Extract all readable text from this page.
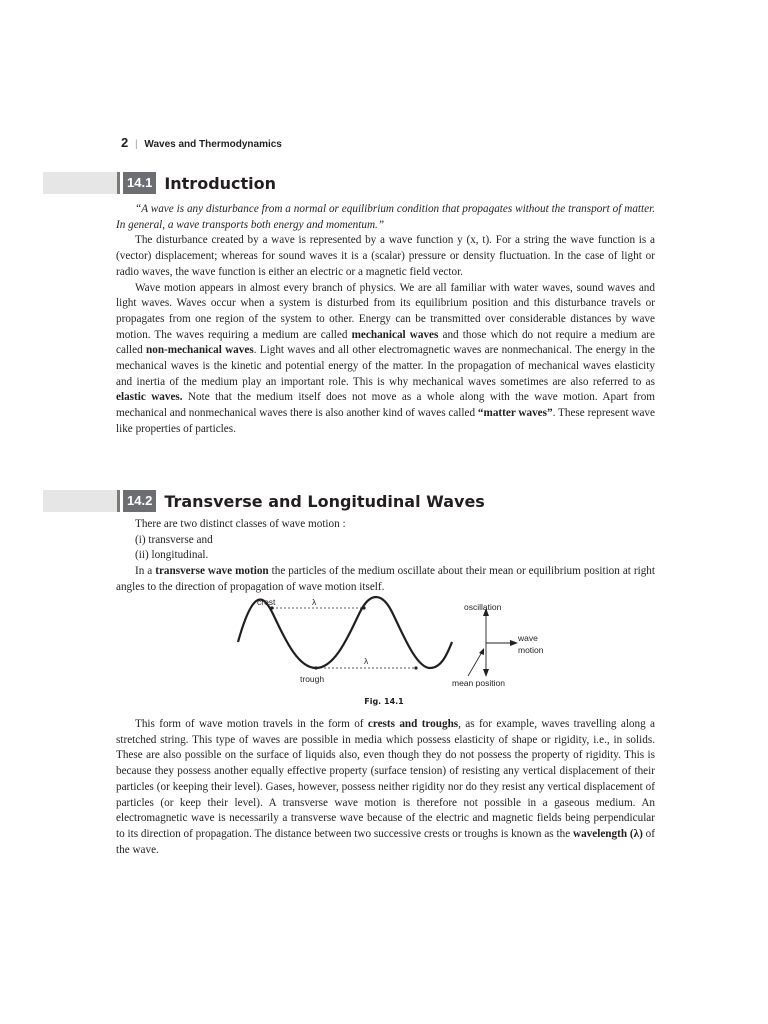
2 | Waves and Thermodynamics
14.1 Introduction

“A wave is any disturbance from a normal or equilibrium condition that propagates without the transport of matter. In general, a wave transports both energy and momentum.”

The disturbance created by a wave is represented by a wave function y (x, t). For a string the wave function is a (vector) displacement; whereas for sound waves it is a (scalar) pressure or density fluctuation. In the case of light or radio waves, the wave function is either an electric or a magnetic field vector.

Wave motion appears in almost every branch of physics. We are all familiar with water waves, sound waves and light waves. Waves occur when a system is disturbed from its equilibrium position and this disturbance travels or propagates from one region of the system to other. Energy can be transmitted over considerable distances by wave motion. The waves requiring a medium are called mechanical waves and those which do not require a medium are called non-mechanical waves. Light waves and all other electromagnetic waves are nonmechanical. The energy in the mechanical waves is the kinetic and potential energy of the matter. In the propagation of mechanical waves elasticity and inertia of the medium play an important role. This is why mechanical waves sometimes are also referred to as elastic waves. Note that the medium itself does not move as a whole along with the wave motion. Apart from mechanical and nonmechanical waves there is also another kind of waves called “matter waves”. These represent wave like properties of particles.

14.2 Transverse and Longitudinal Waves

There are two distinct classes of wave motion :

(i) transverse and
(ii) longitudinal.

In a transverse wave motion the particles of the medium oscillate about their mean or equilibrium position at right angles to the direction of propagation of wave motion itself.

crest	λ
λ
trough
oscillation
wave
motion
mean position
Fig. 14.1

This form of wave motion travels in the form of crests and troughs, as for example, waves travelling along a stretched string. This type of waves are possible in media which possess elasticity of shape or rigidity, i.e., in solids. These are also possible on the surface of liquids also, even though they do not possess the property of rigidity. This is because they possess another equally effective property (surface tension) of resisting any vertical displacement of their particles (or keeping their level). Gases, however, possess neither rigidity nor do they resist any vertical displacement of particles (or keep their level). A transverse wave motion is therefore not possible in a gaseous medium. An electromagnetic wave is necessarily a transverse wave because of the electric and magnetic fields being perpendicular to its direction of propagation. The distance between two successive crests or troughs is known as the wavelength (λ) of the wave.
